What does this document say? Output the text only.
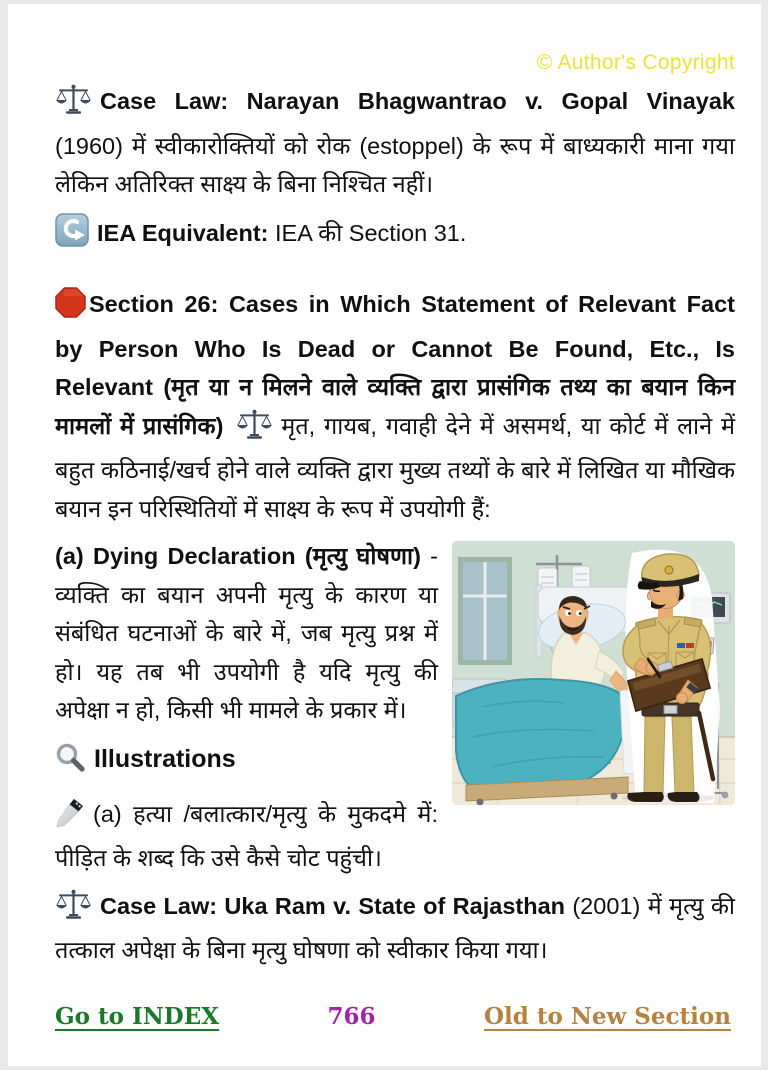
© Author's Copyright

Case Law: Narayan Bhagwantrao v. Gopal Vinayak (1960) में स्वीकारोक्तियों को रोक (estoppel) के रूप में बाध्यकारी माना गया लेकिन अतिरिक्त साक्ष्य के बिना निश्चित नहीं।

IEA Equivalent: IEA की Section 31.

Section 26: Cases in Which Statement of Relevant Fact by Person Who Is Dead or Cannot Be Found, Etc., Is Relevant (मृत या न मिलने वाले व्यक्ति द्वारा प्रासंगिक तथ्य का बयान किन मामलों में प्रासंगिक) मृत, गायब, गवाही देने में असमर्थ, या कोर्ट में लाने में बहुत कठिनाई/खर्च होने वाले व्यक्ति द्वारा मुख्य तथ्यों के बारे में लिखित या मौखिक बयान इन परिस्थितियों में साक्ष्य के रूप में उपयोगी हैं:

(a) Dying Declaration (मृत्यु घोषणा) - व्यक्ति का बयान अपनी मृत्यु के कारण या संबंधित घटनाओं के बारे में, जब मृत्यु प्रश्न में हो। यह तब भी उपयोगी है यदि मृत्यु की अपेक्षा न हो, किसी भी मामले के प्रकार में।

Illustrations

(a) हत्या /बलात्कार/मृत्यु के मुकदमे में: पीड़ित के शब्द कि उसे कैसे चोट पहुंची।

Case Law: Uka Ram v. State of Rajasthan (2001) में मृत्यु की तत्काल अपेक्षा के बिना मृत्यु घोषणा को स्वीकार किया गया।

Go to INDEX	766	Old to New Section
